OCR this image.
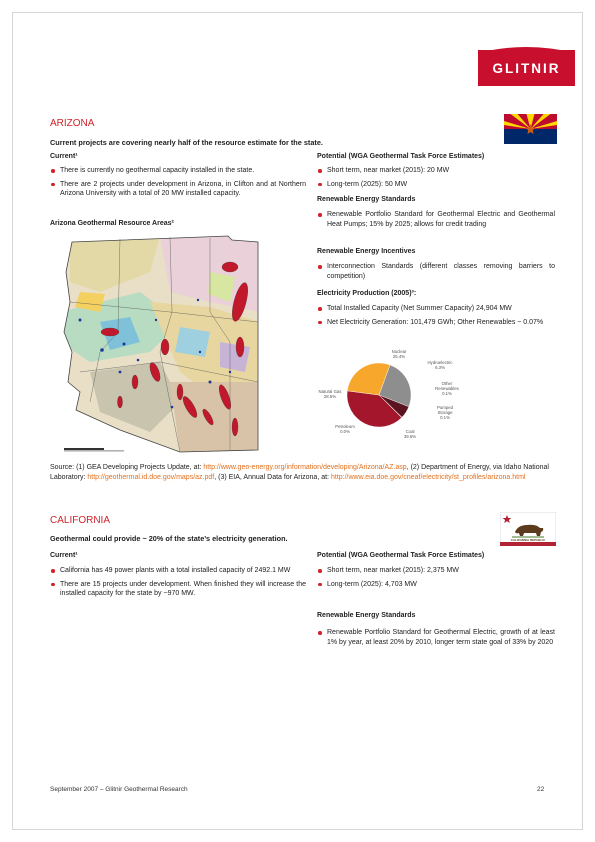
GLITNIR
ARIZONA
Current projects are covering nearly half of the resource estimate for the state.
Current¹
There is currently no geothermal capacity installed in the state.
There are 2 projects under development in Arizona, in Clifton and at Northern Arizona University with a total of 20 MW installed capacity.
Arizona Geothermal Resource Areas²
Potential (WGA Geothermal Task Force Estimates)
Short term, near market (2015): 20 MW
Long-term (2025): 50 MW
Renewable Energy Standards
Renewable Portfolio Standard for Geothermal Electric and Geothermal Heat Pumps; 15% by 2025; allows for credit trading
Renewable Energy Incentives
Interconnection Standards (different classes removing barriers to competition)
Electricity Production (2005)³:
Total Installed Capacity (Net Summer Capacity) 24,904 MW
Net Electricity Generation: 101,479 GWh; Other Renewables ~ 0.07%
Nuclear
25.4%
Hydroelectric
6.3%
Other Renewables
0.1%
Pumped Storage
0.1%
Coal
39.6%
Petroleum
0.0%
Natural Gas
28.5%
Source: (1) GEA Developing Projects Update, at: http://www.geo-energy.org/information/developing/Arizona/AZ.asp, (2) Department of Energy, via Idaho National Laboratory: http://geothermal.id.doe.gov/maps/az.pdf, (3) EIA, Annual Data for Arizona, at: http://www.eia.doe.gov/cneaf/electricity/st_profiles/arizona.html
CALIFORNIA
CALIFORNIA REPUBLIC
Geothermal could provide ~ 20% of the state’s electricity generation.
Current¹
California has 49 power plants with a total installed capacity of 2492.1 MW
There are 15 projects under development. When finished they will increase the installed capacity for the state by ~970 MW.
Potential (WGA Geothermal Task Force Estimates)
Short term, near market (2015): 2,375 MW
Long-term (2025): 4,703 MW
Renewable Energy Standards
Renewable Portfolio Standard for Geothermal Electric, growth of at least 1% by year, at least 20% by 2010, longer term state goal of 33% by 2020
September 2007 – Glitnir Geothermal Research	22
